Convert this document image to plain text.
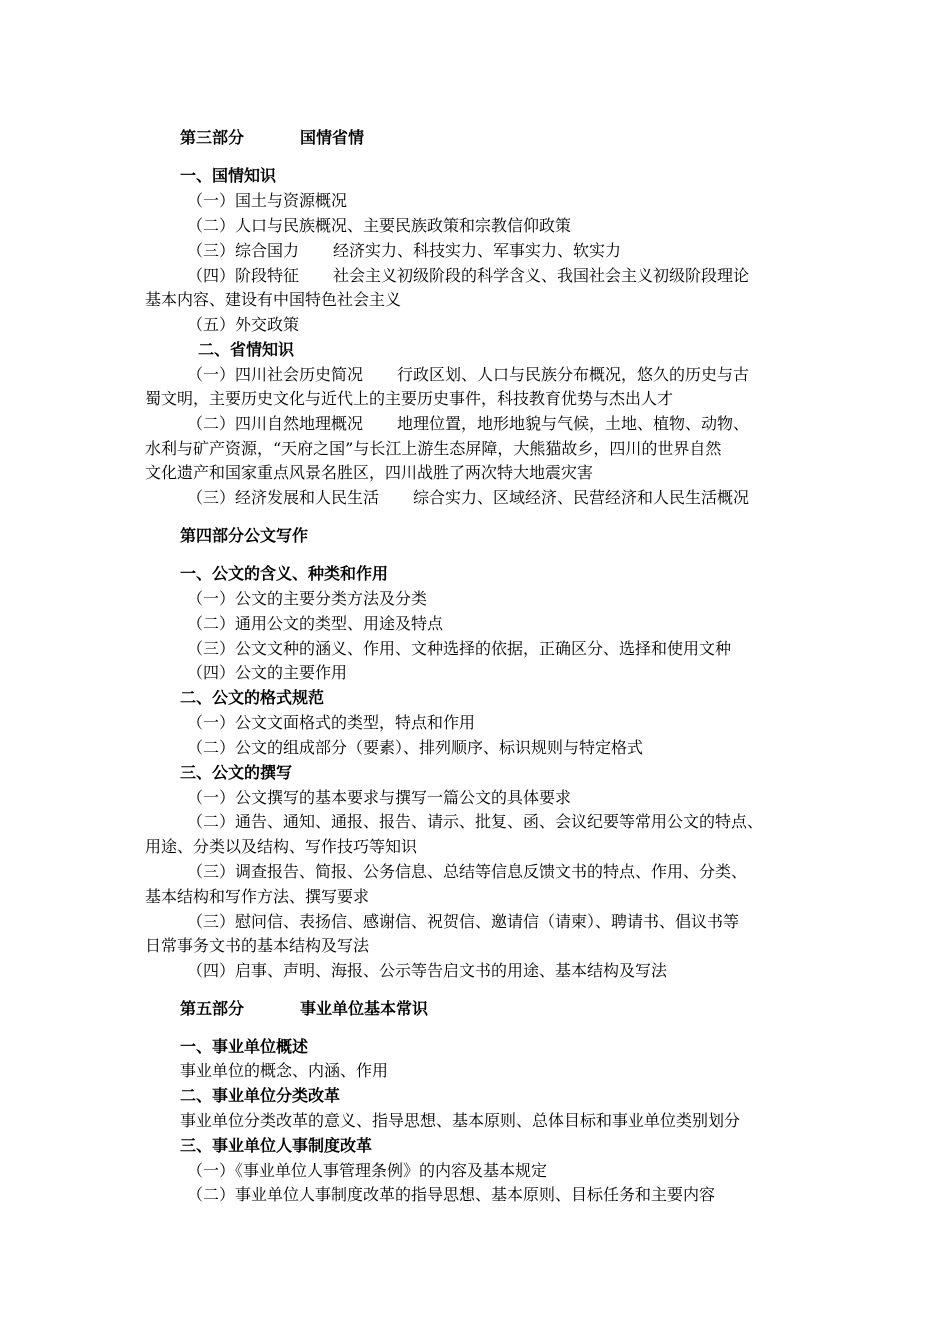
第三部分	国情省情
一、国情知识
（一）国土与资源概况
（二）人口与民族概况、主要民族政策和宗教信仰政策
（三）综合国力 经济实力、科技实力、军事实力、软实力
（四）阶段特征 社会主义初级阶段的科学含义、我国社会主义初级阶段理论
基本内容、建设有中国特色社会主义
（五）外交政策
二、省情知识
（一）四川社会历史简况 行政区划、人口与民族分布概况，悠久的历史与古
蜀文明，主要历史文化与近代上的主要历史事件，科技教育优势与杰出人才
（二）四川自然地理概况 地理位置，地形地貌与气候，土地、植物、动物、
水利与矿产资源，“天府之国”与长江上游生态屏障，大熊猫故乡，四川的世界自然
文化遗产和国家重点风景名胜区，四川战胜了两次特大地震灾害
（三）经济发展和人民生活 综合实力、区域经济、民营经济和人民生活概况
第四部分公文写作
一、公文的含义、种类和作用
（一）公文的主要分类方法及分类
（二）通用公文的类型、用途及特点
（三）公文文种的涵义、作用、文种选择的依据，正确区分、选择和使用文种
（四）公文的主要作用
二、公文的格式规范
（一）公文文面格式的类型，特点和作用
（二）公文的组成部分（要素）、排列顺序、标识规则与特定格式
三、公文的撰写
（一）公文撰写的基本要求与撰写一篇公文的具体要求
（二）通告、通知、通报、报告、请示、批复、函、会议纪要等常用公文的特点、
用途、分类以及结构、写作技巧等知识
（三）调查报告、简报、公务信息、总结等信息反馈文书的特点、作用、分类、
基本结构和写作方法、撰写要求
（三）慰问信、表扬信、感谢信、祝贺信、邀请信（请柬）、聘请书、倡议书等
日常事务文书的基本结构及写法
（四）启事、声明、海报、公示等告启文书的用途、基本结构及写法
第五部分	事业单位基本常识
一、事业单位概述
事业单位的概念、内涵、作用
二、事业单位分类改革
事业单位分类改革的意义、指导思想、基本原则、总体目标和事业单位类别划分
三、事业单位人事制度改革
（一）《事业单位人事管理条例》的内容及基本规定
（二）事业单位人事制度改革的指导思想、基本原则、目标任务和主要内容
